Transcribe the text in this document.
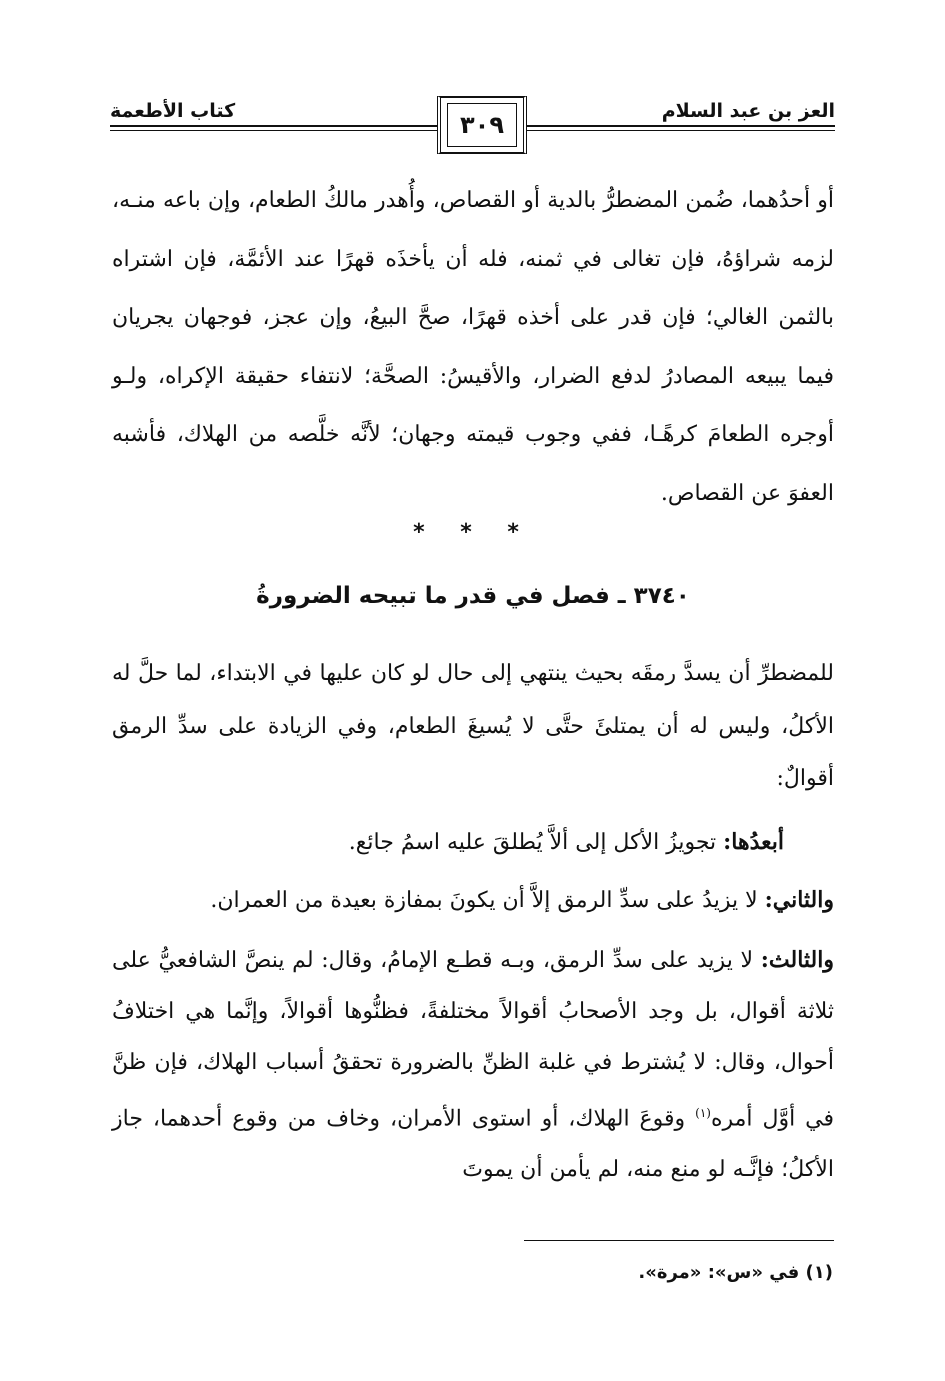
العز بن عبد السلام
كتاب الأطعمة	٣٠٩

أو أحدُهما، ضُمن المضطرُّ بالدية أو القصاص، وأُهدر مالكُ الطعام، وإن باعه منـه، لزمه شراؤهُ، فإن تغالى في ثمنه، فله أن يأخذَه قهرًا عند الأئمَّة، فإن اشتراه بالثمن الغالي؛ فإن قدر على أخذه قهرًا، صحَّ البيعُ، وإن عجز، فوجهان يجريان فيما يبيعه المصادرُ لدفع الضرار، والأقيسُ: الصحَّة؛ لانتفاء حقيقة الإكراه، ولـو أوجره الطعامَ كرهًـا، ففي وجوب قيمته وجهان؛ لأنَّه خلَّصه من الهلاك، فأشبه العفوَ عن القصاص.

* * *
٣٧٤٠ ـ فصل في قدر ما تبيحه الضرورةُ

للمضطرِّ أن يسدَّ رمقَه بحيث ينتهي إلى حال لو كان عليها في الابتداء، لما حلَّ له الأكلُ، وليس له أن يمتلئَ حتَّى لا يُسيغَ الطعام، وفي الزيادة على سدِّ الرمق أقوالٌ:

أبعدُها: تجويزُ الأكل إلى ألاَّ يُطلقَ عليه اسمُ جائع.

والثاني: لا يزيدُ على سدِّ الرمق إلاَّ أن يكونَ بمفازة بعيدة من العمران.

والثالث: لا يزيد على سدِّ الرمق، وبـه قطـع الإمامُ، وقال: لم ينصَّ الشافعيُّ على ثلاثة أقوال، بل وجد الأصحابُ أقوالاً مختلفةً، فظنُّوها أقوالاً، وإنَّما هي اختلافُ أحوال، وقال: لا يُشترط في غلبة الظنِّ بالضرورة تحققُ أسباب الهلاك، فإن ظنَّ في أوَّل أمره$^{(١)}$ وقوعَ الهلاك، أو استوى الأمران، وخاف من وقوع أحدهما، جاز الأكلُ؛ فإنَّـه لو منع منه، لم يأمن أن يموتَ

(١) في «س»: «مرة».
